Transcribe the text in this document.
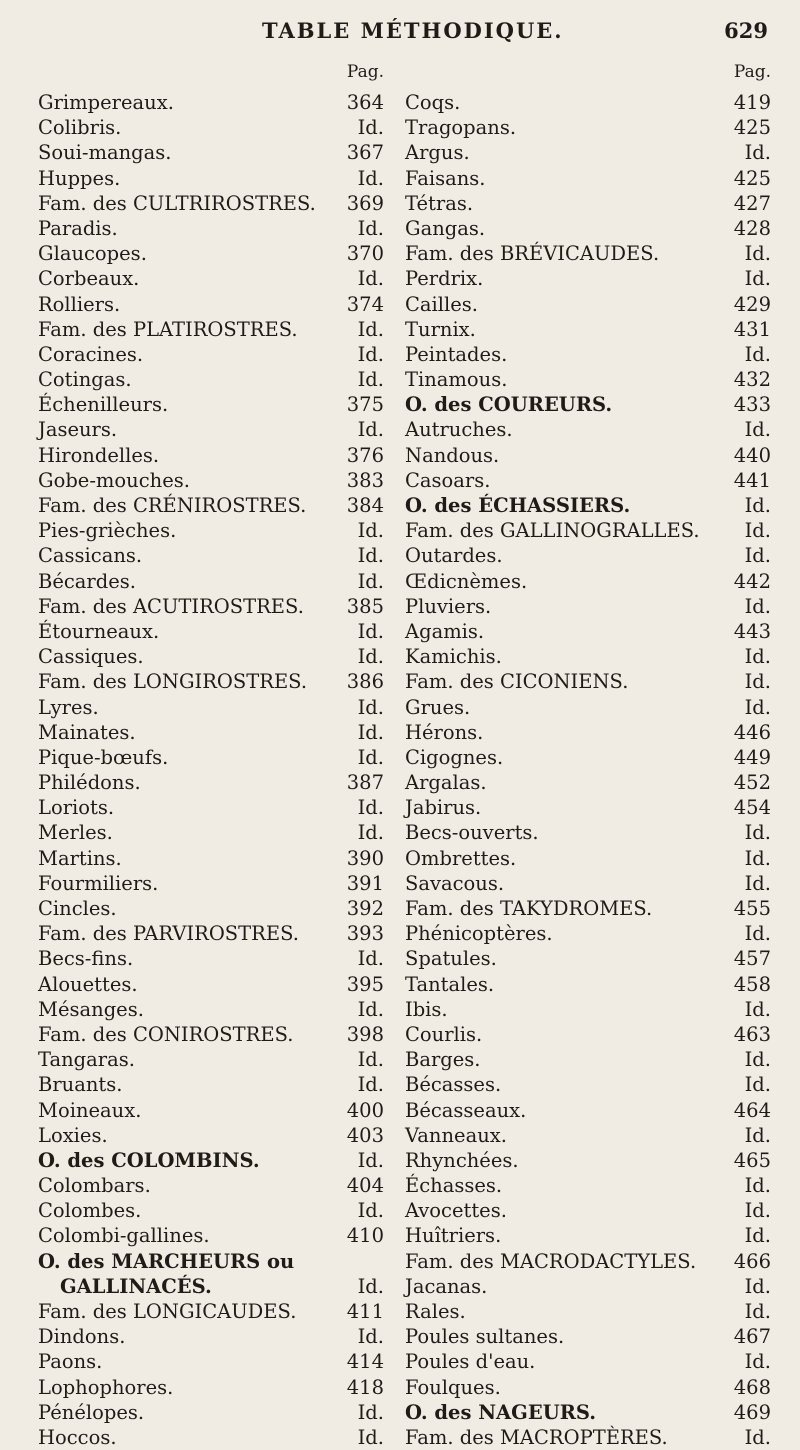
TABLE MÉTHODIQUE.	629
Pag.
Grimpereaux.	364
Colibris.	Id.
Soui-mangas.	367
Huppes.	Id.
Fam. des CULTRIROSTRES. 369
Paradis.	Id.
Glaucopes.	370
Corbeaux.	Id.
Rolliers.	374
Fam. des PLATIROSTRES.	Id.
Coracines.	Id.
Cotingas.	Id.
Échenilleurs.	375
Jaseurs.	Id.
Hirondelles.	376
Gobe-mouches.	383
Fam. des CRÉNIROSTRES. 384
Pies-grièches.	Id.
Cassicans.	Id.
Bécardes.	Id.
Fam. des ACUTIROSTRES. 385
Étourneaux.	Id.
Cassiques.	Id.
Fam. des LONGIROSTRES. 386
Lyres.	Id.
Mainates.	Id.
Pique-bœufs.	Id.
Philédons.	387
Loriots.	Id.
Merles.	Id.
Martins.	390
Fourmiliers.	391
Cincles.	392
Fam. des PARVIROSTRES. 393
Becs-fins.	Id.
Alouettes.	395
Mésanges.	Id.
Fam. des CONIROSTRES.	398
Tangaras.	Id.
Bruants.	Id.
Moineaux.	400
Loxies.	403
O. des COLOMBINS.	Id.
Colombars.	404
Colombes.	Id.
Colombi-gallines.	410
O. des MARCHEURS ou
GALLINACÉS.	Id.
Fam. des LONGICAUDES.	411
Dindons.	Id.
Paons.	414
Lophophores.	418
Pénélopes.	Id.
Hoccos.	Id.
Pag.
Coqs.	419
Tragopans.	425
Argus.	Id.
Faisans.	425
Tétras.	427
Gangas.	428
Fam. des BRÉVICAUDES.	Id.
Perdrix.	Id.
Cailles.	429
Turnix.	431
Peintades.	Id.
Tinamous.	432
O. des COUREURS.	433
Autruches.	Id.
Nandous.	440
Casoars.	441
O. des ÉCHASSIERS.	Id.
Fam. des GALLINOGRALLES. Id.
Outardes.	Id.
Œdicnèmes.	442
Pluviers.	Id.
Agamis.	443
Kamichis.	Id.
Fam. des CICONIENS.	Id.
Grues.	Id.
Hérons.	446
Cigognes.	449
Argalas.	452
Jabirus.	454
Becs-ouverts.	Id.
Ombrettes.	Id.
Savacous.	Id.
Fam. des TAKYDROMES.	455
Phénicoptères.	Id.
Spatules.	457
Tantales.	458
Ibis.	Id.
Courlis.	463
Barges.	Id.
Bécasses.	Id.
Bécasseaux.	464
Vanneaux.	Id.
Rhynchées.	465
Échasses.	Id.
Avocettes.	Id.
Huîtriers.	Id.
Fam. des MACRODACTYLES. 466
Jacanas.	Id.
Rales.	Id.
Poules sultanes.	467
Poules d'eau.	Id.
Foulques.	468
O. des NAGEURS.	469
Fam. des MACROPTÈRES.	Id.
